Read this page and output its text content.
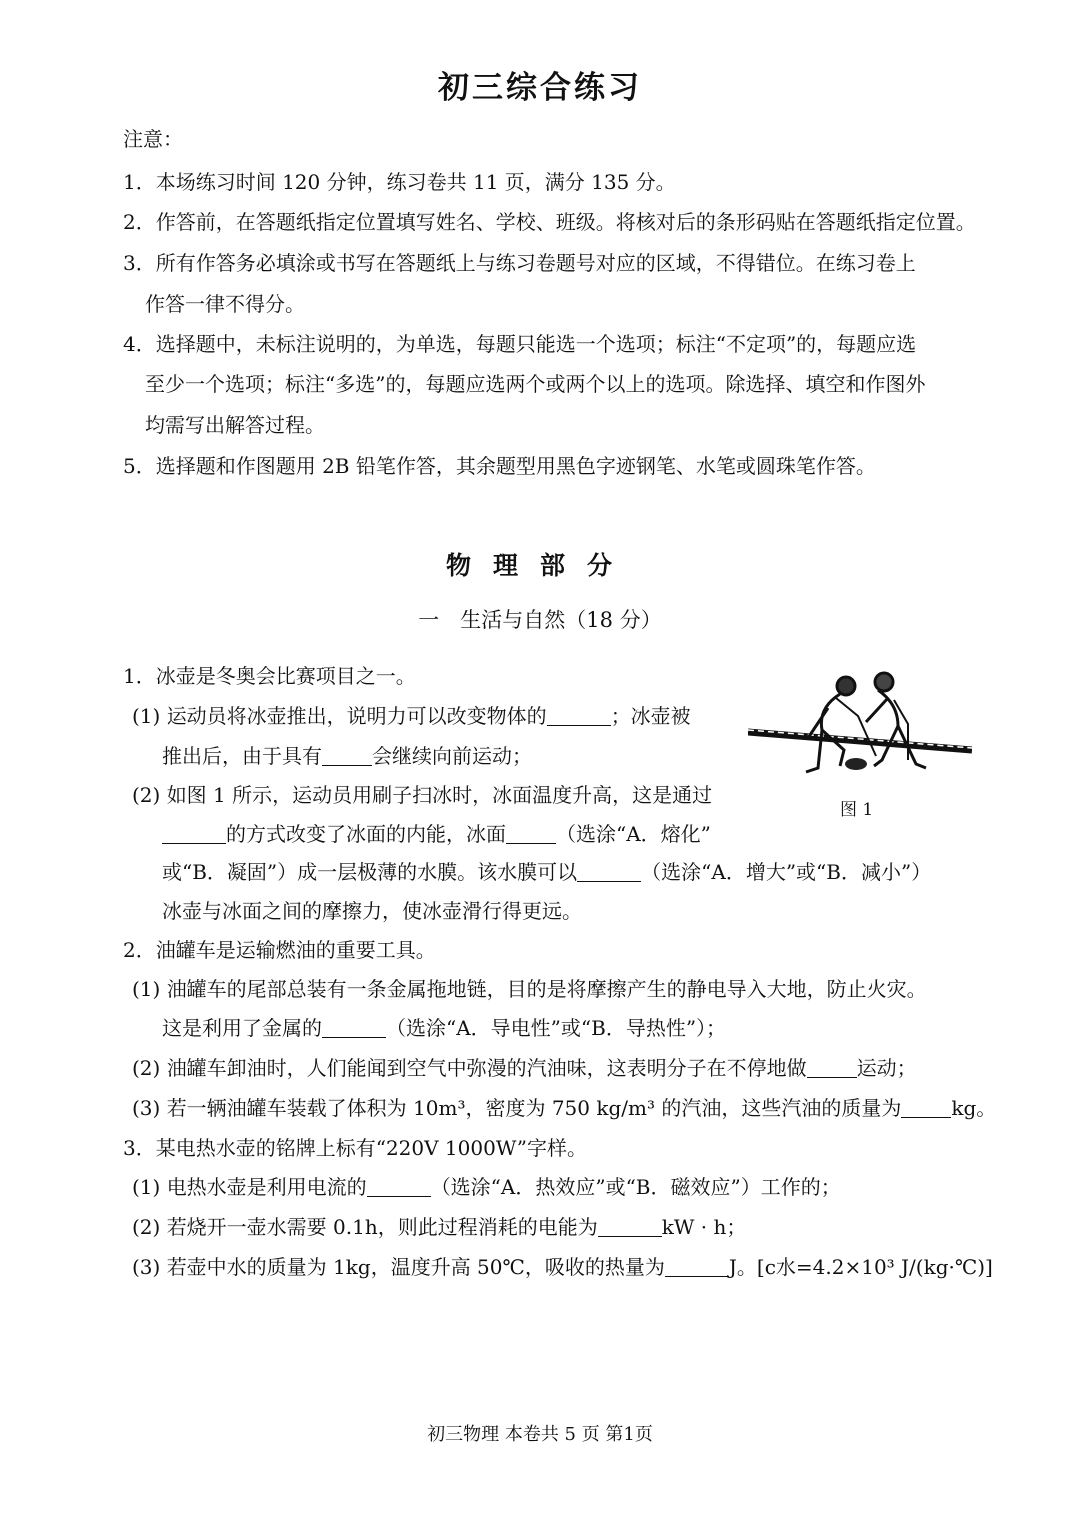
初三综合练习
注意：
1．本场练习时间 120 分钟，练习卷共 11 页，满分 135 分。
2．作答前，在答题纸指定位置填写姓名、学校、班级。将核对后的条形码贴在答题纸指定位置。
3．所有作答务必填涂或书写在答题纸上与练习卷题号对应的区域，不得错位。在练习卷上
作答一律不得分。
4．选择题中，未标注说明的，为单选，每题只能选一个选项；标注“不定项”的，每题应选
至少一个选项；标注“多选”的，每题应选两个或两个以上的选项。除选择、填空和作图外
均需写出解答过程。
5．选择题和作图题用 2B 铅笔作答，其余题型用黑色字迹钢笔、水笔或圆珠笔作答。
物理部分
一　生活与自然（18 分）
1．冰壶是冬奥会比赛项目之一。
(1) 运动员将冰壶推出，说明力可以改变物体的	；冰壶被
推出后，由于具有	会继续向前运动；
(2) 如图 1 所示，运动员用刷子扫冰时，冰面温度升高，这是通过
的方式改变了冰面的内能，冰面	（选涂“A．熔化”
或“B．凝固”）成一层极薄的水膜。该水膜可以	（选涂“A．增大”或“B．减小”）
冰壶与冰面之间的摩擦力，使冰壶滑行得更远。
图 1
2．油罐车是运输燃油的重要工具。
(1) 油罐车的尾部总装有一条金属拖地链，目的是将摩擦产生的静电导入大地，防止火灾。
这是利用了金属的	（选涂“A．导电性”或“B．导热性”）；
(2) 油罐车卸油时，人们能闻到空气中弥漫的汽油味，这表明分子在不停地做	运动；
(3) 若一辆油罐车装载了体积为 10m³，密度为 750 kg/m³ 的汽油，这些汽油的质量为	kg。
3．某电热水壶的铭牌上标有“220V 1000W”字样。
(1) 电热水壶是利用电流的	（选涂“A．热效应”或“B．磁效应”）工作的；
(2) 若烧开一壶水需要 0.1h，则此过程消耗的电能为	kW · h；
(3) 若壶中水的质量为 1kg，温度升高 50℃，吸收的热量为	J。[c水=4.2×10³ J/(kg·℃)]
初三物理 本卷共 5 页 第1页
